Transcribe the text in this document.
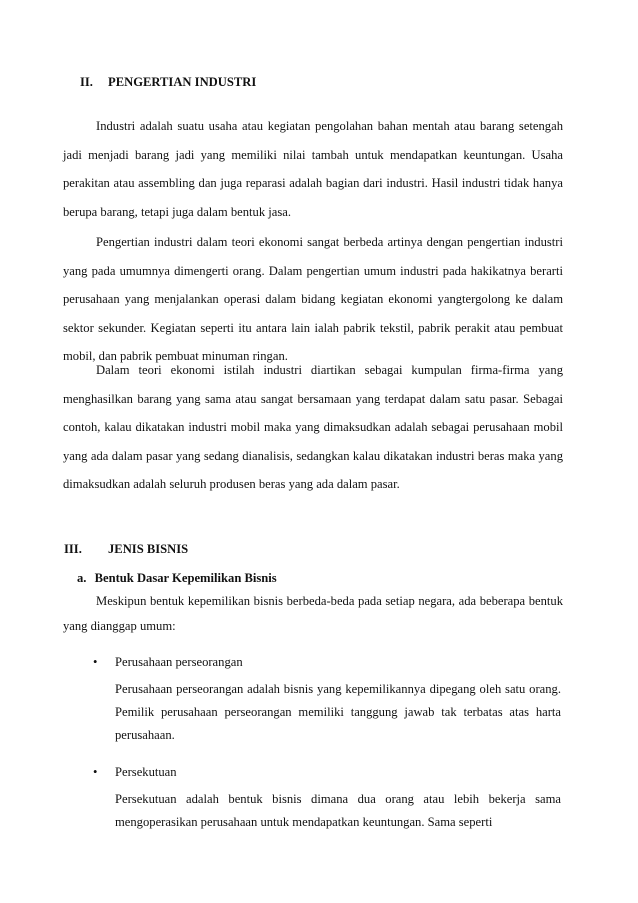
II. PENGERTIAN INDUSTRI

Industri adalah suatu usaha atau kegiatan pengolahan bahan mentah atau barang setengah jadi menjadi barang jadi yang memiliki nilai tambah untuk mendapatkan keuntungan. Usaha perakitan atau assembling dan juga reparasi adalah bagian dari industri. Hasil industri tidak hanya berupa barang, tetapi juga dalam bentuk jasa.

Pengertian industri dalam teori ekonomi sangat berbeda artinya dengan pengertian industri yang pada umumnya dimengerti orang. Dalam pengertian umum industri pada hakikatnya berarti perusahaan yang menjalankan operasi dalam bidang kegiatan ekonomi yangtergolong ke dalam sektor sekunder. Kegiatan seperti itu antara lain ialah pabrik tekstil, pabrik perakit atau pembuat mobil, dan pabrik pembuat minuman ringan.

Dalam teori ekonomi istilah industri diartikan sebagai kumpulan firma-firma yang menghasilkan barang yang sama atau sangat bersamaan yang terdapat dalam satu pasar. Sebagai contoh, kalau dikatakan industri mobil maka yang dimaksudkan adalah sebagai perusahaan mobil yang ada dalam pasar yang sedang dianalisis, sedangkan kalau dikatakan industri beras maka yang dimaksudkan adalah seluruh produsen beras yang ada dalam pasar.

III. JENIS BISNIS
a. Bentuk Dasar Kepemilikan Bisnis

Meskipun bentuk kepemilikan bisnis berbeda-beda pada setiap negara, ada beberapa bentuk yang dianggap umum:

• Perusahaan perseorangan

Perusahaan perseorangan adalah bisnis yang kepemilikannya dipegang oleh satu orang. Pemilik perusahaan perseorangan memiliki tanggung jawab tak terbatas atas harta perusahaan.

• Persekutuan

Persekutuan adalah bentuk bisnis dimana dua orang atau lebih bekerja sama mengoperasikan perusahaan untuk mendapatkan keuntungan. Sama seperti
